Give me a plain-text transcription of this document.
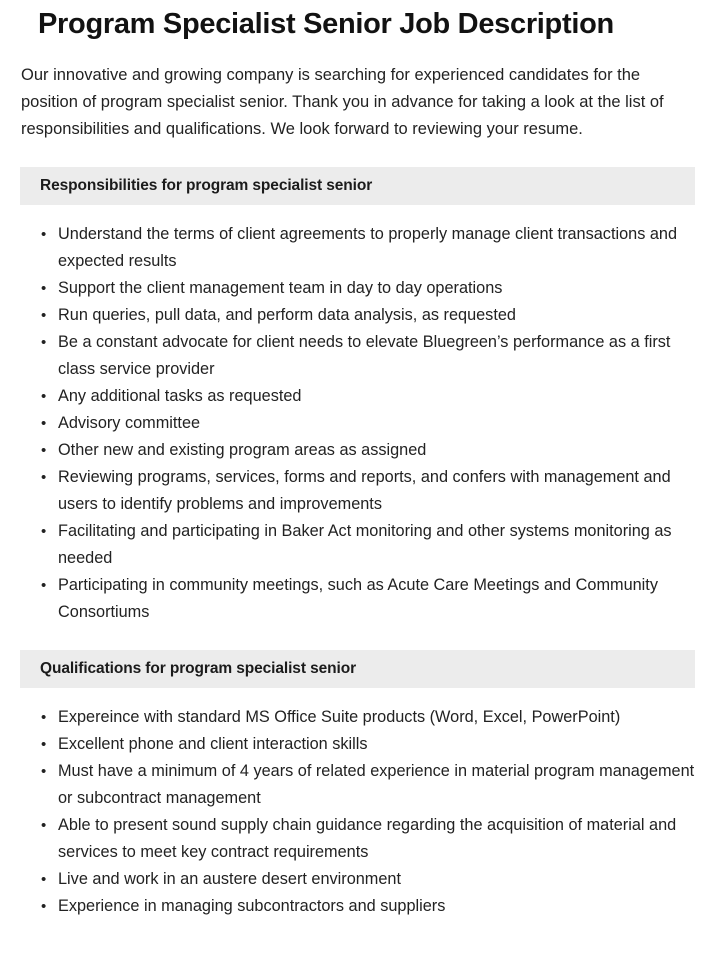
Program Specialist Senior Job Description

Our innovative and growing company is searching for experienced candidates for the position of program specialist senior. Thank you in advance for taking a look at the list of responsibilities and qualifications. We look forward to reviewing your resume.

Responsibilities for program specialist senior
• Understand the terms of client agreements to properly manage client transactions and expected results
• Support the client management team in day to day operations
• Run queries, pull data, and perform data analysis, as requested
• Be a constant advocate for client needs to elevate Bluegreen’s performance as a first class service provider
• Any additional tasks as requested
• Advisory committee
• Other new and existing program areas as assigned
• Reviewing programs, services, forms and reports, and confers with management and users to identify problems and improvements
• Facilitating and participating in Baker Act monitoring and other systems monitoring as needed
• Participating in community meetings, such as Acute Care Meetings and Community Consortiums
Qualifications for program specialist senior
• Expereince with standard MS Office Suite products (Word, Excel, PowerPoint)
• Excellent phone and client interaction skills
• Must have a minimum of 4 years of related experience in material program management or subcontract management
• Able to present sound supply chain guidance regarding the acquisition of material and services to meet key contract requirements
• Live and work in an austere desert environment
• Experience in managing subcontractors and suppliers
